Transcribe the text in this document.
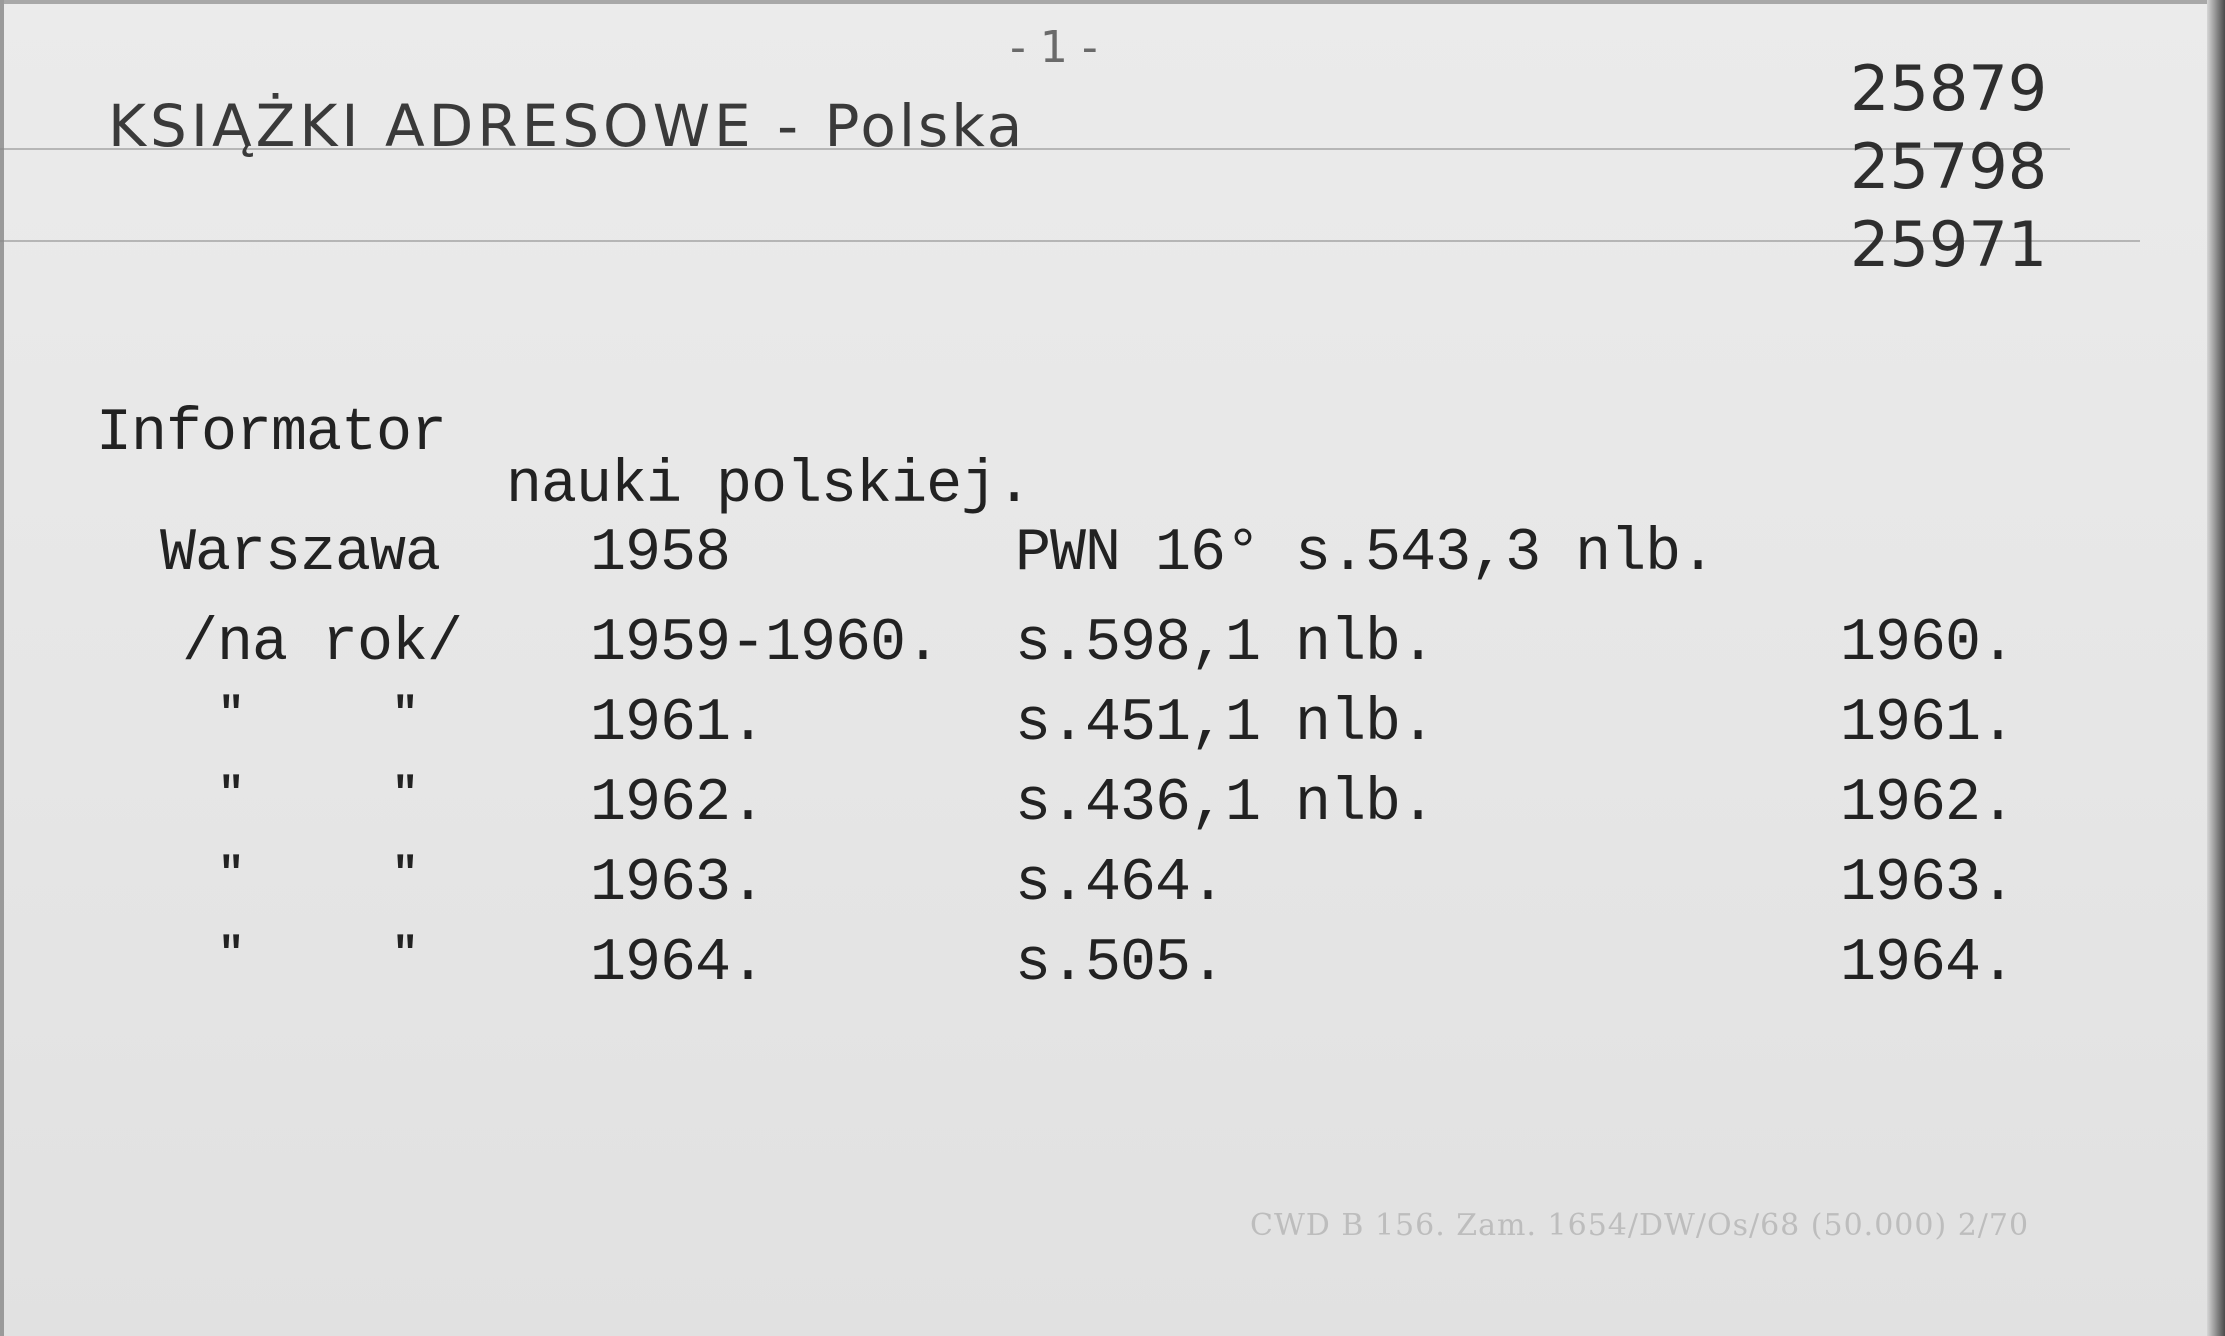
- 1 -
KSIĄŻKI ADRESOWE - Polska
25879
25798
25971
Informator
nauki polskiej.
Warszawa 1958	PWN 16° s.543,3 nlb.
/na rok/ 1959-1960. s.598,1 nlb.	1960.
"	"	1961.	s.451,1 nlb.	1961.
"	"	1962.	s.436,1 nlb.	1962.
"	"	1963.	s.464.	1963.
"	"	1964.	s.505.	1964.
CWD B 156. Zam. 1654/DW/Os/68 (50.000) 2/70
